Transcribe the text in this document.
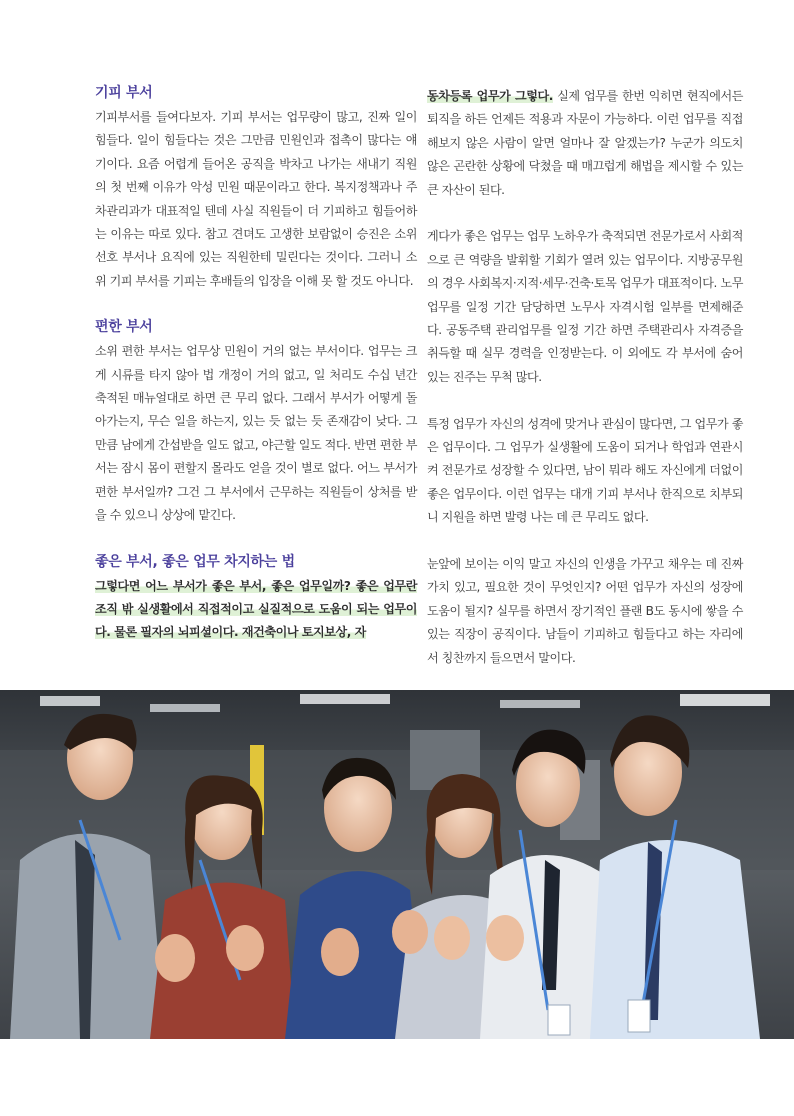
기피 부서

기피부서를 들여다보자. 기피 부서는 업무량이 많고, 진짜 일이 힘들다. 일이 힘들다는 것은 그만큼 민원인과 접촉이 많다는 얘기이다. 요즘 어렵게 들어온 공직을 박차고 나가는 새내기 직원의 첫 번째 이유가 악성 민원 때문이라고 한다. 복지정책과나 주차관리과가 대표적일 텐데 사실 직원들이 더 기피하고 힘들어하는 이유는 따로 있다. 참고 견뎌도 고생한 보람없이 승진은 소위 선호 부서나 요직에 있는 직원한테 밀린다는 것이다. 그러니 소위 기피 부서를 기피는 후배들의 입장을 이해 못 할 것도 아니다.

편한 부서

소위 편한 부서는 업무상 민원이 거의 없는 부서이다. 업무는 크게 시류를 타지 않아 법 개정이 거의 없고, 일 처리도 수십 년간 축적된 매뉴얼대로 하면 큰 무리 없다. 그래서 부서가 어떻게 돌아가는지, 무슨 일을 하는지, 있는 듯 없는 듯 존재감이 낮다. 그만큼 남에게 간섭받을 일도 없고, 야근할 일도 적다. 반면 편한 부서는 잠시 몸이 편할지 몰라도 얻을 것이 별로 없다. 어느 부서가 편한 부서일까? 그건 그 부서에서 근무하는 직원들이 상처를 받을 수 있으니 상상에 맡긴다.

좋은 부서, 좋은 업무 차지하는 법

그렇다면 어느 부서가 좋은 부서, 좋은 업무일까? 좋은 업무란 조직 밖 실생활에서 직접적이고 실질적으로 도움이 되는 업무이다. 물론 필자의 뇌피셜이다. 재건축이나 토지보상, 자

동차등록 업무가 그렇다. 실제 업무를 한번 익히면 현직에서든 퇴직을 하든 언제든 적용과 자문이 가능하다. 이런 업무를 직접 해보지 않은 사람이 알면 얼마나 잘 알겠는가? 누군가 의도치 않은 곤란한 상황에 닥쳤을 때 매끄럽게 해법을 제시할 수 있는 큰 자산이 된다.

게다가 좋은 업무는 업무 노하우가 축적되면 전문가로서 사회적으로 큰 역량을 발휘할 기회가 열려 있는 업무이다. 지방공무원의 경우 사회복지·지적·세무·건축·토목 업무가 대표적이다. 노무 업무를 일정 기간 담당하면 노무사 자격시험 일부를 면제해준다. 공동주택 관리업무를 일정 기간 하면 주택관리사 자격증을 취득할 때 실무 경력을 인정받는다. 이 외에도 각 부서에 숨어 있는 진주는 무척 많다.

특정 업무가 자신의 성격에 맞거나 관심이 많다면, 그 업무가 좋은 업무이다. 그 업무가 실생활에 도움이 되거나 학업과 연관시켜 전문가로 성장할 수 있다면, 남이 뭐라 해도 자신에게 더없이 좋은 업무이다. 이런 업무는 대개 기피 부서나 한직으로 치부되니 지원을 하면 발령 나는 데 큰 무리도 없다.

눈앞에 보이는 이익 말고 자신의 인생을 가꾸고 채우는 데 진짜 가치 있고, 필요한 것이 무엇인지? 어떤 업무가 자신의 성장에 도움이 될지? 실무를 하면서 장기적인 플랜 B도 동시에 쌓을 수 있는 직장이 공직이다. 남들이 기피하고 힘들다고 하는 자리에서 칭찬까지 들으면서 말이다.
